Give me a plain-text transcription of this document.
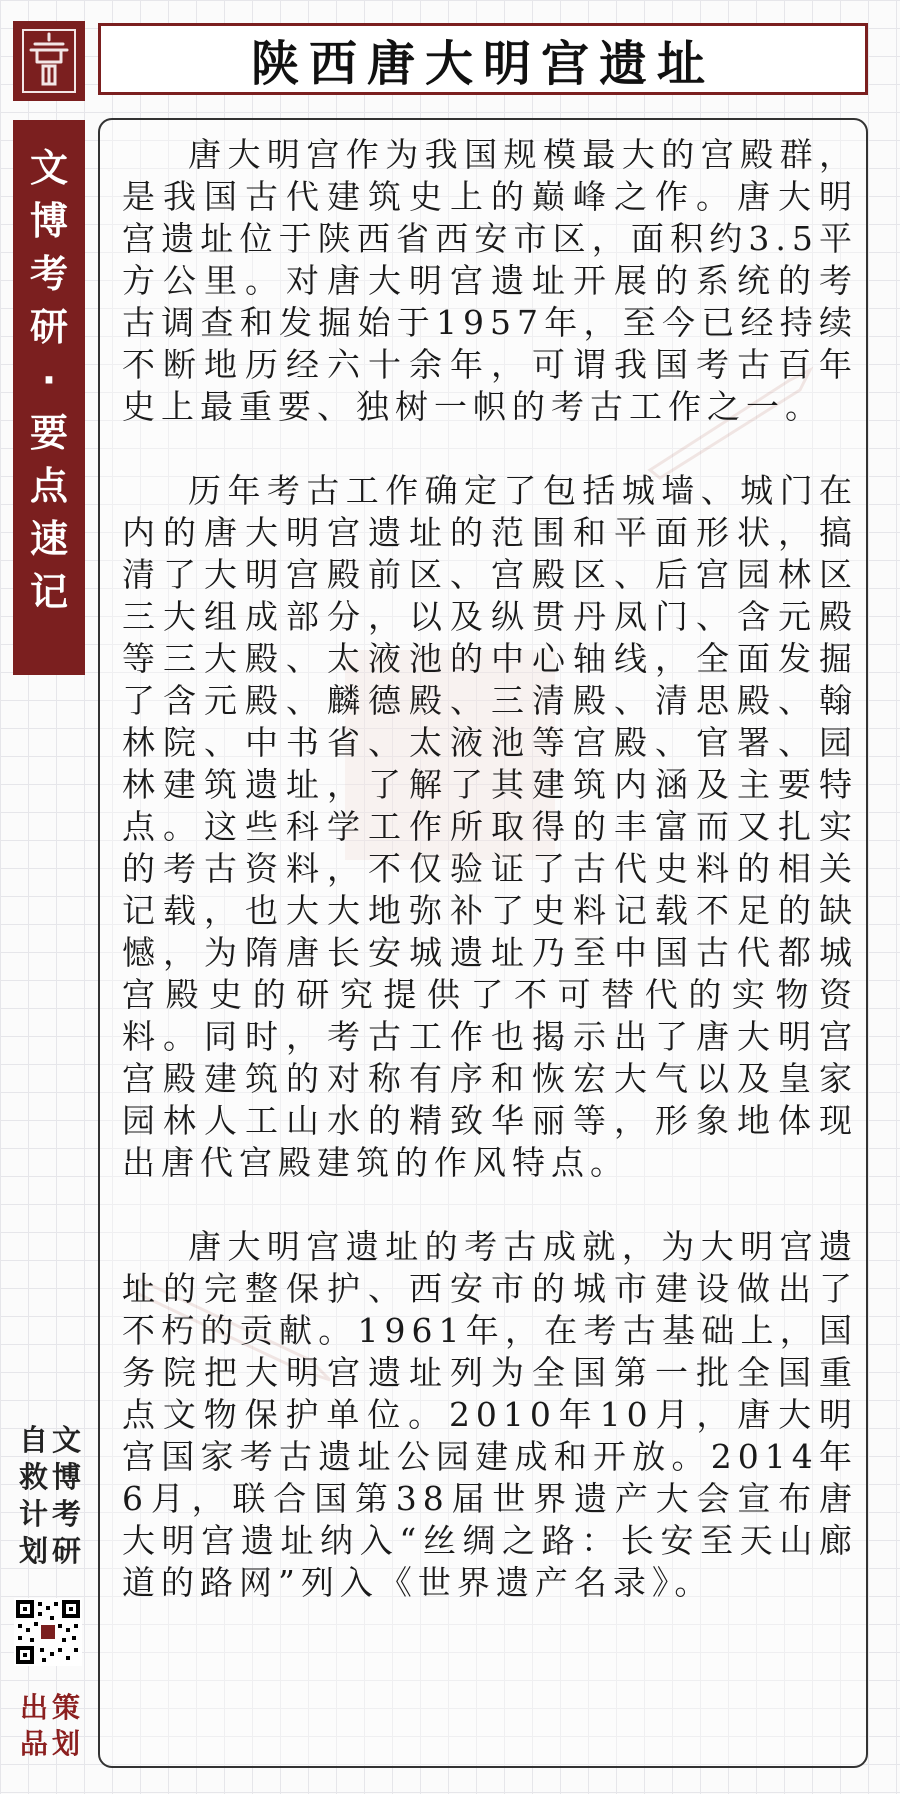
陕西唐大明宫遗址
文
博
考
研
·
要
点
速
记

唐大明宫作为我国规模最大的宫殿群，是我国古代建筑史上的巅峰之作。唐大明宫遗址位于陕西省西安市区，面积约3.5平方公里。对唐大明宫遗址开展的系统的考古调查和发掘始于1957年，至今已经持续不断地历经六十余年，可谓我国考古百年史上最重要、独树一帜的考古工作之一。

历年考古工作确定了包括城墙、城门在内的唐大明宫遗址的范围和平面形状，搞清了大明宫殿前区、宫殿区、后宫园林区三大组成部分，以及纵贯丹凤门、含元殿等三大殿、太液池的中心轴线，全面发掘了含元殿、麟德殿、三清殿、清思殿、翰林院、中书省、太液池等宫殿、官署、园林建筑遗址，了解了其建筑内涵及主要特点。这些科学工作所取得的丰富而又扎实的考古资料，不仅验证了古代史料的相关记载，也大大地弥补了史料记载不足的缺憾，为隋唐长安城遗址乃至中国古代都城宫殿史的研究提供了不可替代的实物资料。同时，考古工作也揭示出了唐大明宫宫殿建筑的对称有序和恢宏大气以及皇家园林人工山水的精致华丽等，形象地体现出唐代宫殿建筑的作风特点。

唐大明宫遗址的考古成就，为大明宫遗址的完整保护、西安市的城市建设做出了不朽的贡献。1961年，在考古基础上，国务院把大明宫遗址列为全国第一批全国重点文物保护单位。2010年10月，唐大明宫国家考古遗址公园建成和开放。2014年6月，联合国第38届世界遗产大会宣布唐大明宫遗址纳入“丝绸之路：长安至天山廊道的路网”列入《世界遗产名录》。

文
博
考
研
自
救
计
划
策
划
出
品
